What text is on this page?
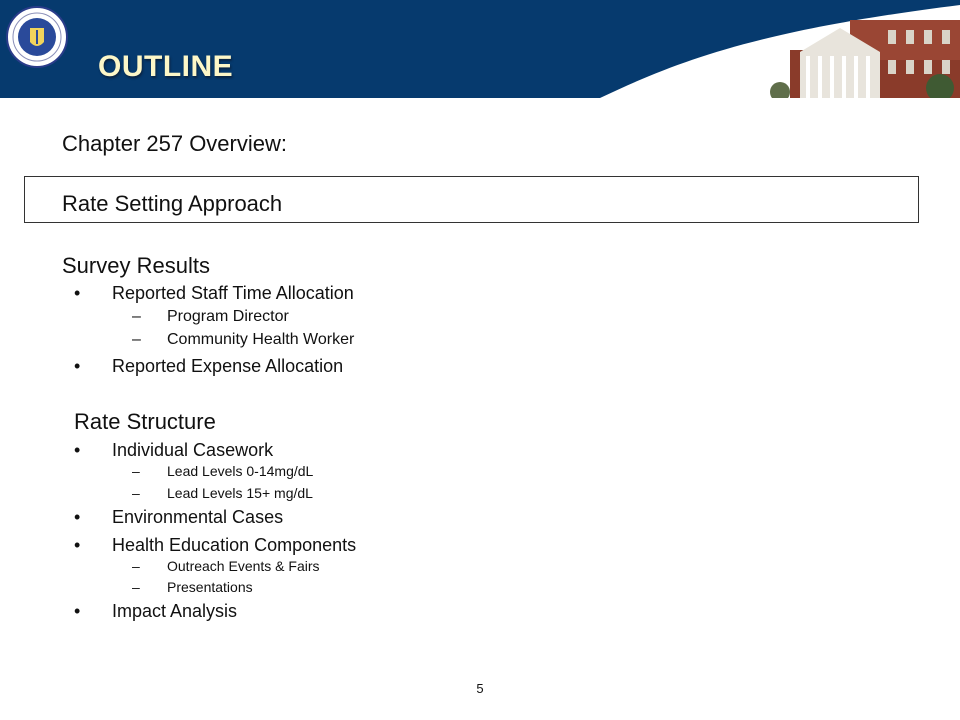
OUTLINE
Chapter 257 Overview:
Rate Setting Approach
Survey Results
• Reported Staff Time Allocation
– Program Director
– Community Health Worker
• Reported Expense Allocation
Rate Structure
• Individual Casework
– Lead Levels 0-14mg/dL
– Lead Levels 15+ mg/dL
• Environmental Cases
• Health Education Components
– Outreach Events & Fairs
– Presentations
• Impact Analysis
5
